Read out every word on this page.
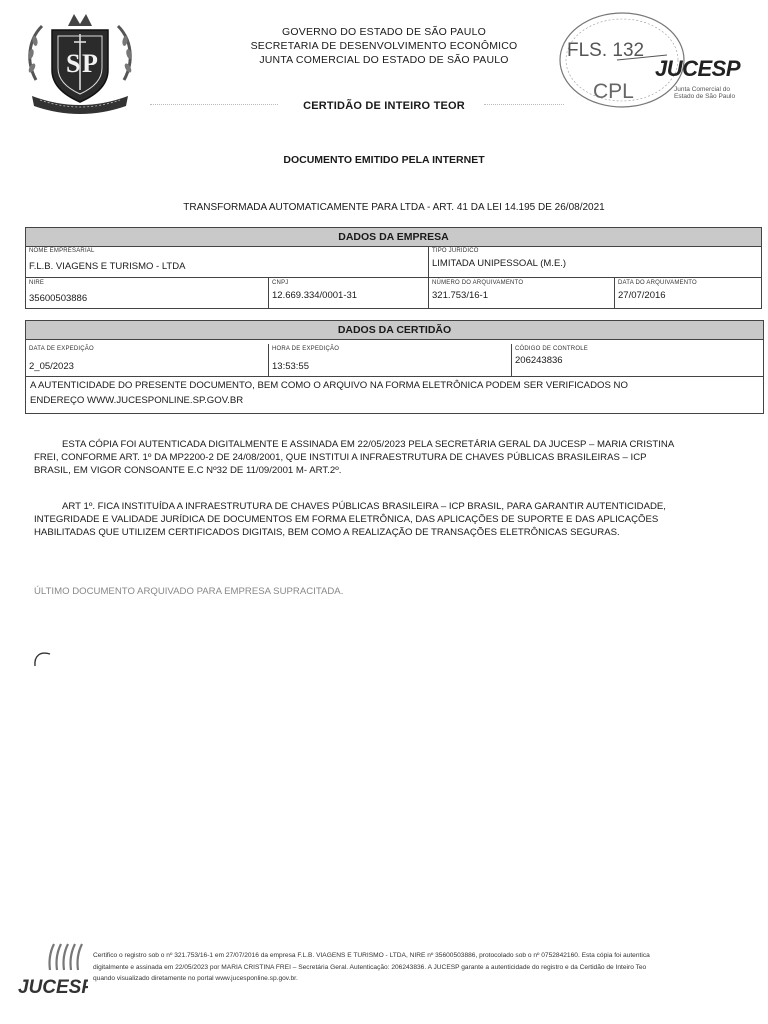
S P
GOVERNO DO ESTADO DE SÃO PAULO
SECRETARIA DE DESENVOLVIMENTO ECONÔMICO
JUNTA COMERCIAL DO ESTADO DE SÃO PAULO
CERTIDÃO DE INTEIRO TEOR
FLS. 132
CPL
JUCESP
Junta Comercial do Estado de São Paulo
DOCUMENTO EMITIDO PELA INTERNET
TRANSFORMADA AUTOMATICAMENTE PARA LTDA - ART. 41 DA LEI 14.195 DE 26/08/2021
DADOS DA EMPRESA
NOME EMPRESARIAL
F.L.B. VIAGENS E TURISMO - LTDA
TIPO JURIDICO
LIMITADA UNIPESSOAL (M.E.)
NIRE
35600503886
CNPJ
12.669.334/0001-31
NÚMERO DO ARQUIVAMENTO
321.753/16-1
DATA DO ARQUIVAMENTO
27/07/2016
DADOS DA CERTIDÃO
DATA DE EXPEDIÇÃO
2_05/2023
HORA DE EXPEDIÇÃO
13:53:55
CÓDIGO DE CONTROLE
206243836
A AUTENTICIDADE DO PRESENTE DOCUMENTO, BEM COMO O ARQUIVO NA FORMA ELETRÔNICA PODEM SER VERIFICADOS NO
ENDEREÇO WWW.JUCESPONLINE.SP.GOV.BR
ESTA CÓPIA FOI AUTENTICADA DIGITALMENTE E ASSINADA EM 22/05/2023 PELA SECRETÁRIA GERAL DA JUCESP – MARIA CRISTINA
FREI, CONFORME ART. 1º DA MP2200-2 DE 24/08/2001, QUE INSTITUI A INFRAESTRUTURA DE CHAVES PÚBLICAS BRASILEIRAS – ICP
BRASIL, EM VIGOR CONSOANTE E.C Nº32 DE 11/09/2001 M- ART.2º.
ART 1º. FICA INSTITUÍDA A INFRAESTRUTURA DE CHAVES PÚBLICAS BRASILEIRA – ICP BRASIL, PARA GARANTIR AUTENTICIDADE,
INTEGRIDADE E VALIDADE JURÍDICA DE DOCUMENTOS EM FORMA ELETRÔNICA, DAS APLICAÇÕES DE SUPORTE E DAS APLICAÇÕES
HABILITADAS QUE UTILIZEM CERTIFICADOS DIGITAIS, BEM COMO A REALIZAÇÃO DE TRANSAÇÕES ELETRÔNICAS SEGURAS.
ÚLTIMO DOCUMENTO ARQUIVADO PARA EMPRESA SUPRACITADA.
JUCESP
Certifico o registro sob o nº 321.753/16-1 em 27/07/2016 da empresa F.L.B. VIAGENS E TURISMO - LTDA, NIRE nº 35600503886, protocolado sob o nº 0752842160. Esta cópia foi autentica
digitalmente e assinada em 22/05/2023 por MARIA CRISTINA FREI – Secretária Geral. Autenticação: 206243836. A JUCESP garante a autenticidade do registro e da Certidão de Inteiro Teo
quando visualizado diretamente no portal www.jucesponline.sp.gov.br.
